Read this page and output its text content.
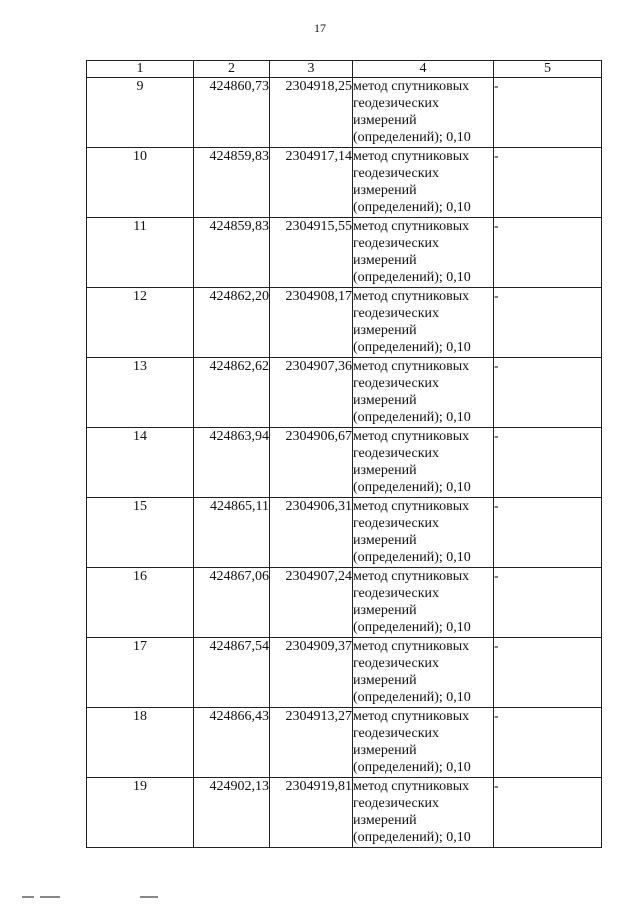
17
1	2	3	4	5
9	424860,73	2304918,25	метод спутниковых
геодезических
измерений
(определений); 0,10	-
10	424859,83	2304917,14	метод спутниковых
геодезических
измерений
(определений); 0,10	-
11	424859,83	2304915,55	метод спутниковых
геодезических
измерений
(определений); 0,10	-
12	424862,20	2304908,17	метод спутниковых
геодезических
измерений
(определений); 0,10	-
13	424862,62	2304907,36	метод спутниковых
геодезических
измерений
(определений); 0,10	-
14	424863,94	2304906,67	метод спутниковых
геодезических
измерений
(определений); 0,10	-
15	424865,11	2304906,31	метод спутниковых
геодезических
измерений
(определений); 0,10	-
16	424867,06	2304907,24	метод спутниковых
геодезических
измерений
(определений); 0,10	-
17	424867,54	2304909,37	метод спутниковых
геодезических
измерений
(определений); 0,10	-
18	424866,43	2304913,27	метод спутниковых
геодезических
измерений
(определений); 0,10	-
19	424902,13	2304919,81	метод спутниковых
геодезических
измерений
(определений); 0,10	-
